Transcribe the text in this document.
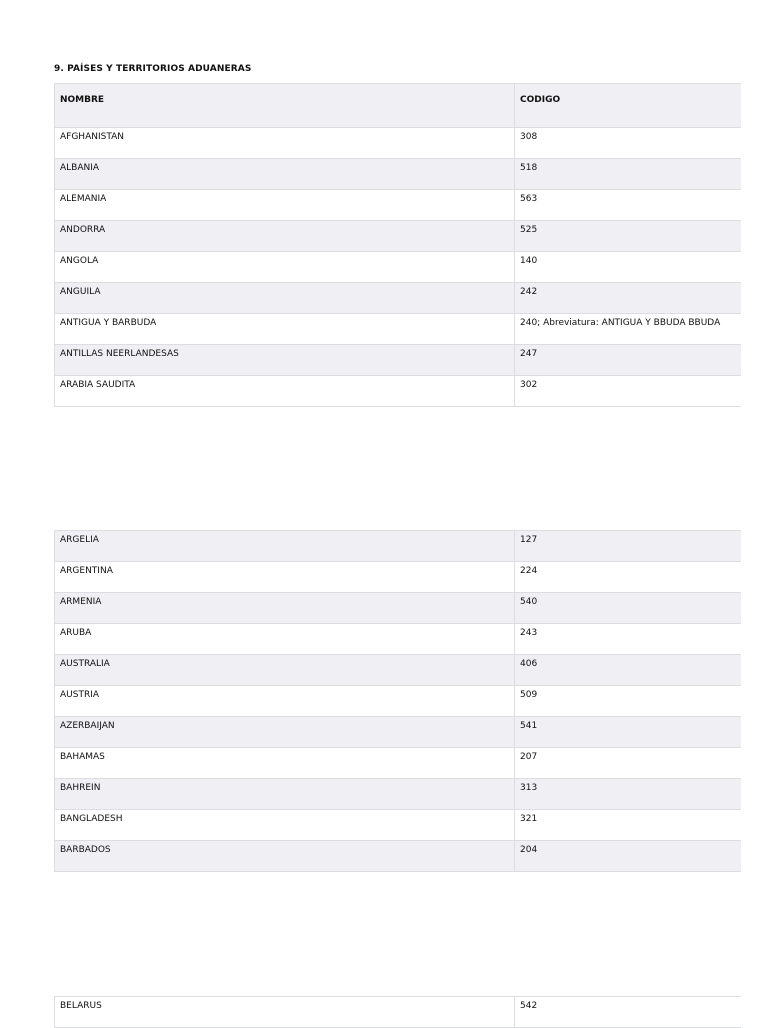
9. PAÍSES Y TERRITORIOS ADUANERAS
NOMBRE	CODIGO
AFGHANISTAN	308
ALBANIA	518
ALEMANIA	563
ANDORRA	525
ANGOLA	140
ANGUILA	242
ANTIGUA Y BARBUDA	240; Abreviatura: ANTIGUA Y BBUDA BBUDA
ANTILLAS NEERLANDESAS	247
ARABIA SAUDITA	302
ARGELIA	127
ARGENTINA	224
ARMENIA	540
ARUBA	243
AUSTRALIA	406
AUSTRIA	509
AZERBAIJAN	541
BAHAMAS	207
BAHREIN	313
BANGLADESH	321
BARBADOS	204
BELARUS	542
